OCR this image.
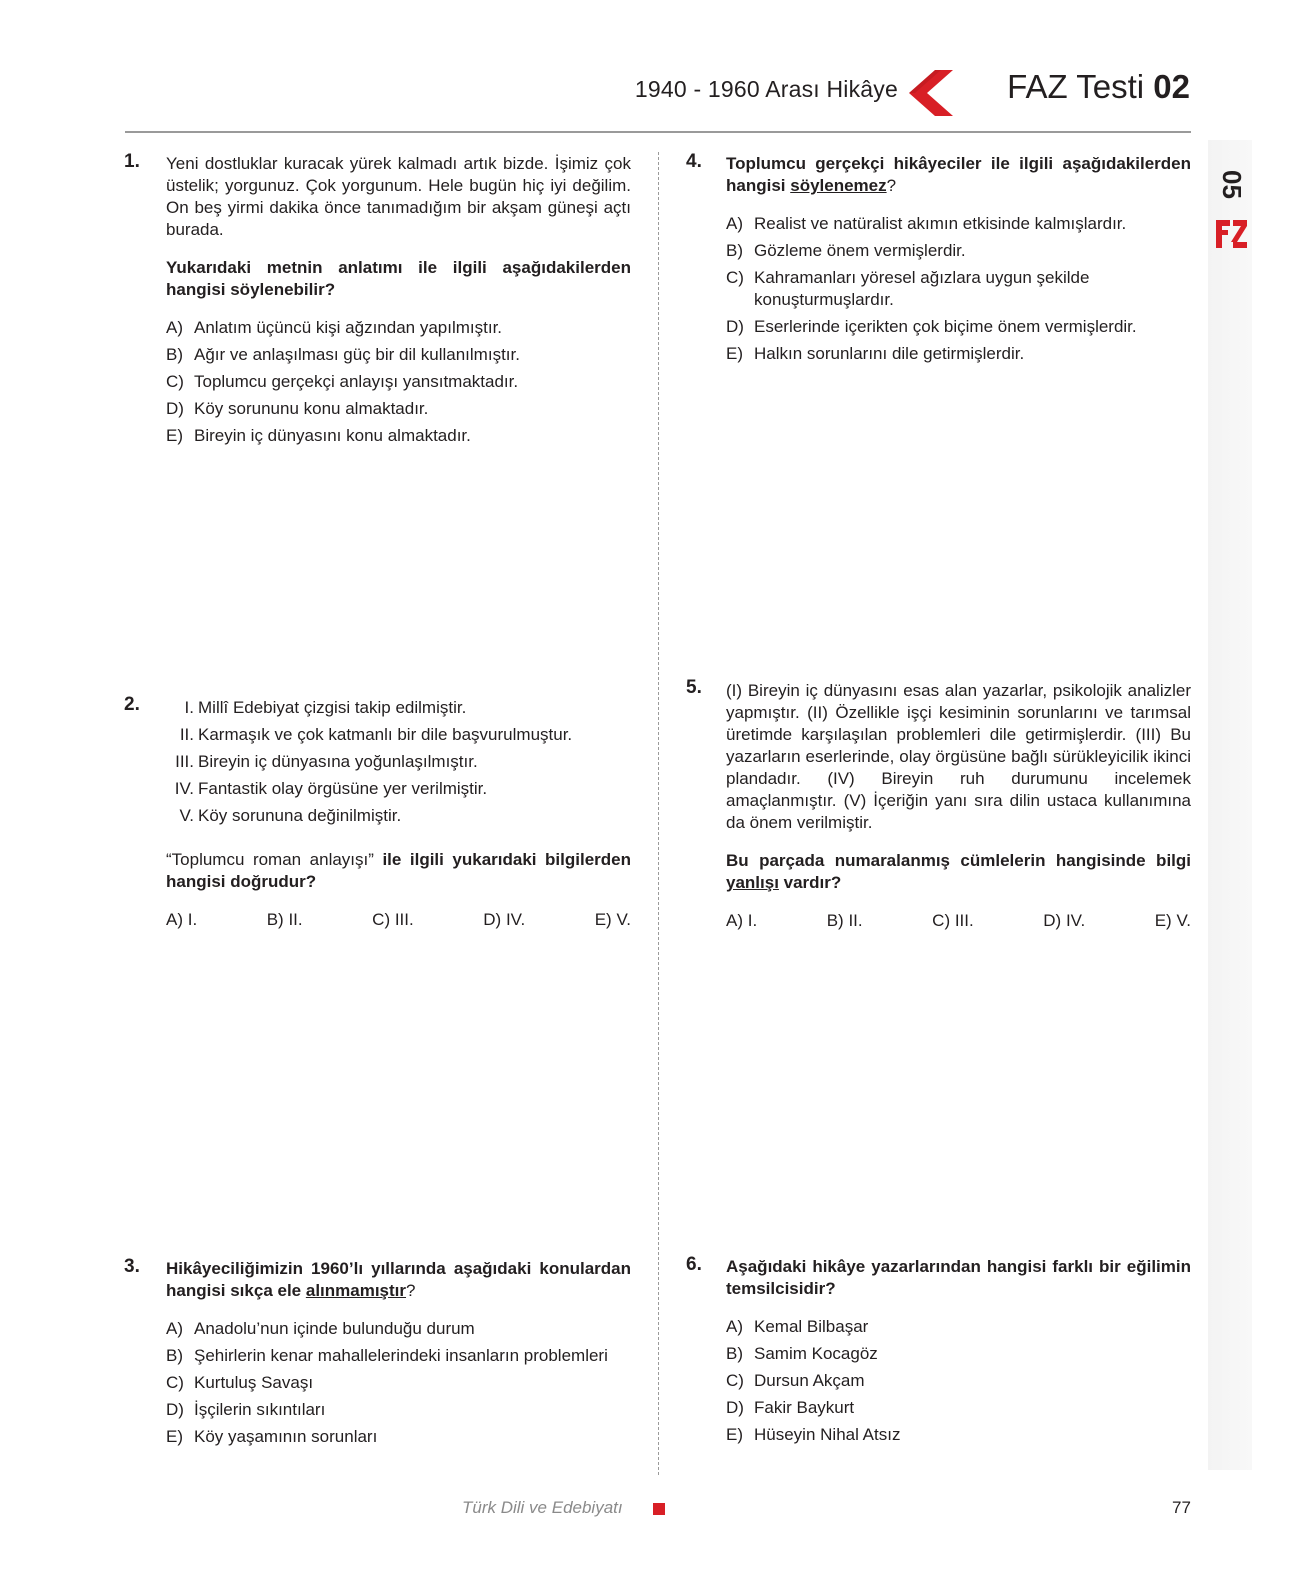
1940 - 1960 Arası Hikâye	FAZ Testi 02
05
1. Yeni dostluklar kuracak yürek kalmadı artık bizde. İşimiz çok üstelik; yorgunuz. Çok yorgunum. Hele bugün hiç iyi değilim. On beş yirmi dakika önce tanımadığım bir akşam güneşi açtı burada.
Yukarıdaki metnin anlatımı ile ilgili aşağıdakilerden hangisi söylenebilir?
A) Anlatım üçüncü kişi ağzından yapılmıştır.
B) Ağır ve anlaşılması güç bir dil kullanılmıştır.
C) Toplumcu gerçekçi anlayışı yansıtmaktadır.
D) Köy sorununu konu almaktadır.
E) Bireyin iç dünyasını konu almaktadır.
2.	I. Millî Edebiyat çizgisi takip edilmiştir.
II. Karmaşık ve çok katmanlı bir dile başvurulmuştur.
III. Bireyin iç dünyasına yoğunlaşılmıştır.
IV. Fantastik olay örgüsüne yer verilmiştir.
V. Köy sorununa değinilmiştir.
“Toplumcu roman anlayışı” ile ilgili yukarıdaki bilgilerden hangisi doğrudur?
A) I.	B) II.	C) III.	D) IV.	E) V.
3. Hikâyeciliğimizin 1960’lı yıllarında aşağıdaki konulardan hangisi sıkça ele alınmamıştır?
A) Anadolu’nun içinde bulunduğu durum
B) Şehirlerin kenar mahallelerindeki insanların problemleri
C) Kurtuluş Savaşı
D) İşçilerin sıkıntıları
E) Köy yaşamının sorunları
4. Toplumcu gerçekçi hikâyeciler ile ilgili aşağıdakilerden hangisi söylenemez?
A) Realist ve natüralist akımın etkisinde kalmışlardır.
B) Gözleme önem vermişlerdir.
C) Kahramanları yöresel ağızlara uygun şekilde konuşturmuşlardır.
D) Eserlerinde içerikten çok biçime önem vermişlerdir.
E) Halkın sorunlarını dile getirmişlerdir.
5. (I) Bireyin iç dünyasını esas alan yazarlar, psikolojik analizler yapmıştır. (II) Özellikle işçi kesiminin sorunlarını ve tarımsal üretimde karşılaşılan problemleri dile getirmişlerdir. (III) Bu yazarların eserlerinde, olay örgüsüne bağlı sürükleyicilik ikinci plandadır. (IV) Bireyin ruh durumunu incelemek amaçlanmıştır. (V) İçeriğin yanı sıra dilin ustaca kullanımına da önem verilmiştir.
Bu parçada numaralanmış cümlelerin hangisinde bilgi yanlışı vardır?
A) I.	B) II.	C) III.	D) IV.	E) V.
6. Aşağıdaki hikâye yazarlarından hangisi farklı bir eğilimin temsilcisidir?
A) Kemal Bilbaşar
B) Samim Kocagöz
C) Dursun Akçam
D) Fakir Baykurt
E) Hüseyin Nihal Atsız
Türk Dili ve Edebiyatı	77
